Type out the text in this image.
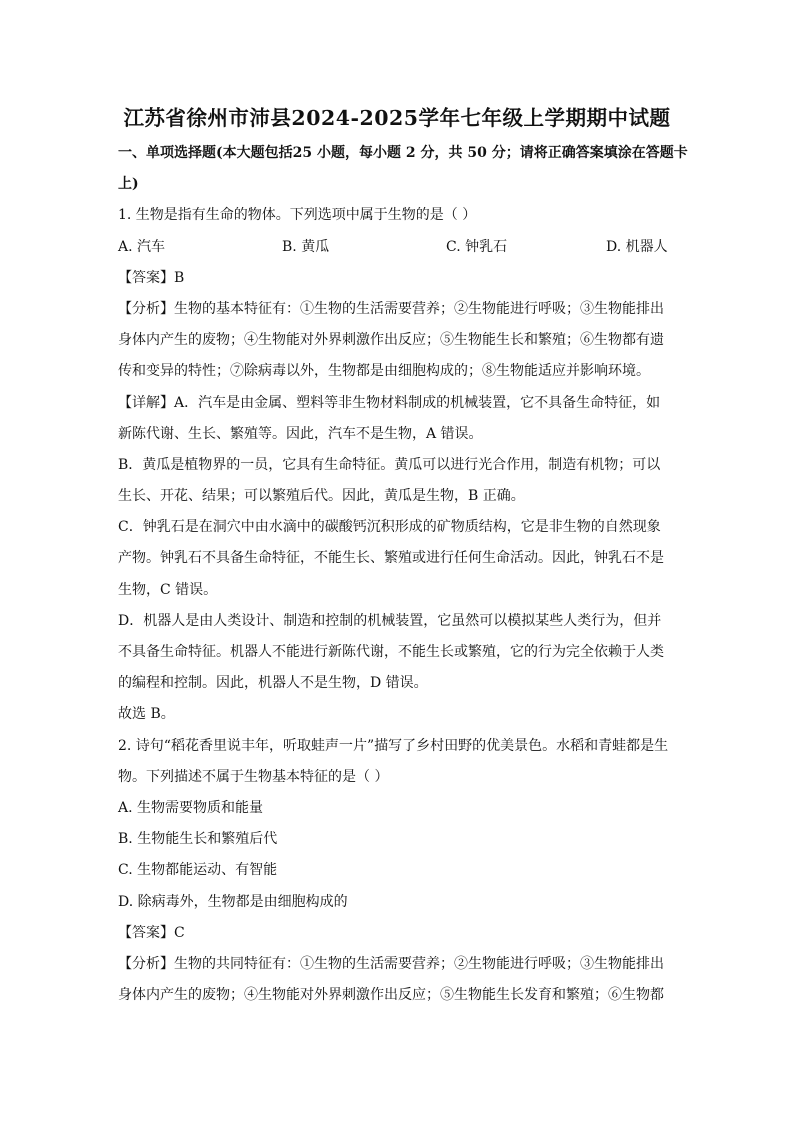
江苏省徐州市沛县2024-2025学年七年级上学期期中试题
一、单项选择题(本大题包括25 小题，每小题 2 分，共 50 分；请将正确答案填涂在答题卡
上)
1. 生物是指有生命的物体。下列选项中属于生物的是（ ）
A. 汽车	B. 黄瓜	C. 钟乳石	D. 机器人
【答案】B
【分析】生物的基本特征有：①生物的生活需要营养；②生物能进行呼吸；③生物能排出
身体内产生的废物；④生物能对外界刺激作出反应；⑤生物能生长和繁殖；⑥生物都有遗
传和变异的特性；⑦除病毒以外，生物都是由细胞构成的；⑧生物能适应并影响环境。
【详解】A．汽车是由金属、塑料等非生物材料制成的机械装置，它不具备生命特征，如
新陈代谢、生长、繁殖等。因此，汽车不是生物，A 错误。
B．黄瓜是植物界的一员，它具有生命特征。黄瓜可以进行光合作用，制造有机物；可以
生长、开花、结果；可以繁殖后代。因此，黄瓜是生物，B 正确。
C．钟乳石是在洞穴中由水滴中的碳酸钙沉积形成的矿物质结构，它是非生物的自然现象
产物。钟乳石不具备生命特征，不能生长、繁殖或进行任何生命活动。因此，钟乳石不是
生物，C 错误。
D．机器人是由人类设计、制造和控制的机械装置，它虽然可以模拟某些人类行为，但并
不具备生命特征。机器人不能进行新陈代谢，不能生长或繁殖，它的行为完全依赖于人类
的编程和控制。因此，机器人不是生物，D 错误。
故选 B。
2. 诗句“稻花香里说丰年，听取蛙声一片”描写了乡村田野的优美景色。水稻和青蛙都是生
物。下列描述不属于生物基本特征的是（ ）
A. 生物需要物质和能量
B. 生物能生长和繁殖后代
C. 生物都能运动、有智能
D. 除病毒外，生物都是由细胞构成的
【答案】C
【分析】生物的共同特征有：①生物的生活需要营养；②生物能进行呼吸；③生物能排出
身体内产生的废物；④生物能对外界刺激作出反应；⑤生物能生长发育和繁殖；⑥生物都
